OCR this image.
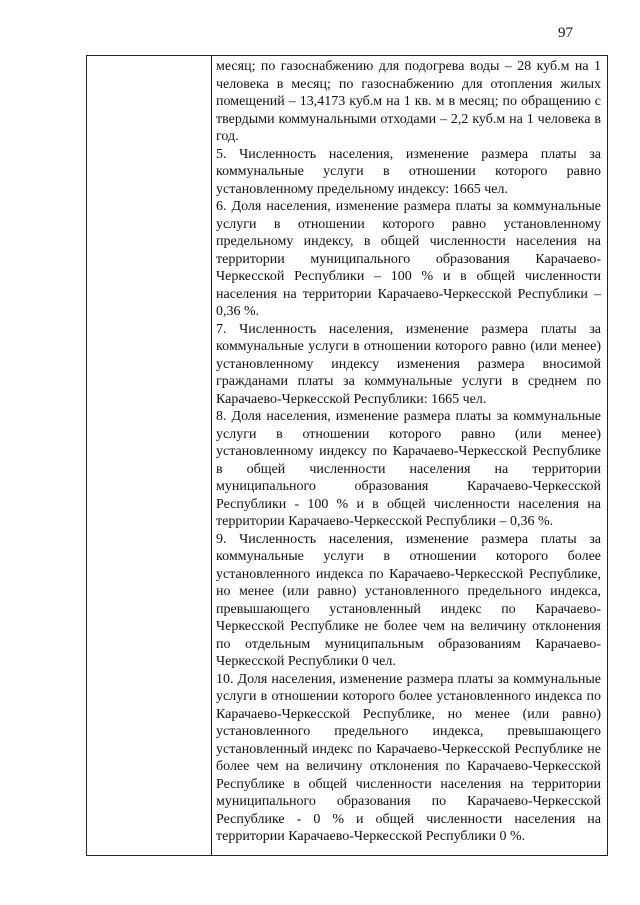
97

месяц; по газоснабжению для подогрева воды – 28 куб.м на 1 человека в месяц; по газоснабжению для отопления жилых помещений – 13,4173 куб.м на 1 кв. м в месяц; по обращению с твердыми коммунальными отходами – 2,2 куб.м на 1 человека в год.

5. Численность населения, изменение размера платы за коммунальные услуги в отношении которого равно установленному предельному индексу: 1665 чел.

6. Доля населения, изменение размера платы за коммунальные услуги в отношении которого равно установленному предельному индексу, в общей численности населения на территории муниципального образования Карачаево-Черкесской Республики – 100 % и в общей численности населения на территории Карачаево-Черкесской Республики – 0,36 %.

7. Численность населения, изменение размера платы за коммунальные услуги в отношении которого равно (или менее) установленному индексу изменения размера вносимой гражданами платы за коммунальные услуги в среднем по Карачаево-Черкесской Республики: 1665 чел.

8. Доля населения, изменение размера платы за коммунальные услуги в отношении которого равно (или менее) установленному индексу по Карачаево-Черкесской Республике в общей численности населения на территории муниципального образования Карачаево-Черкесской Республики - 100 % и в общей численности населения на территории Карачаево-Черкесской Республики – 0,36 %.

9. Численность населения, изменение размера платы за коммунальные услуги в отношении которого более установленного индекса по Карачаево-Черкесской Республике, но менее (или равно) установленного предельного индекса, превышающего установленный индекс по Карачаево-Черкесской Республике не более чем на величину отклонения по отдельным муниципальным образованиям Карачаево-Черкесской Республики 0 чел.

10. Доля населения, изменение размера платы за коммунальные услуги в отношении которого более установленного индекса по Карачаево-Черкесской Республике, но менее (или равно) установленного предельного индекса, превышающего установленный индекс по Карачаево-Черкесской Республике не более чем на величину отклонения по Карачаево-Черкесской Республике в общей численности населения на территории муниципального образования по Карачаево-Черкесской Республике - 0 % и общей численности населения на территории Карачаево-Черкесской Республики 0 %.
